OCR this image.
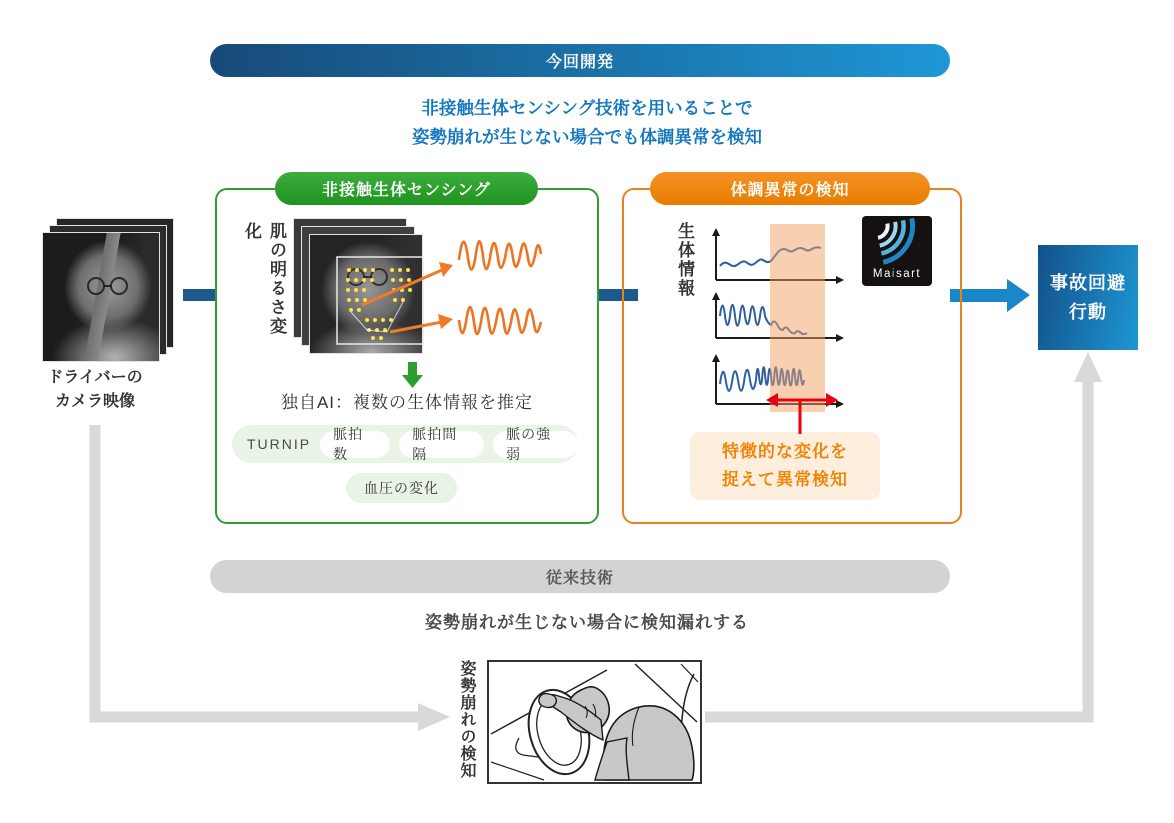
今回開発
非接触生体センシング技術を用いることで
姿勢崩れが生じない場合でも体調異常を検知
ドライバーの
カメラ映像
非接触生体センシング
肌の明るさ変化
独自AI：複数の生体情報を推定
TURNIP
脈拍数
脈拍間隔
脈の強弱
血圧の変化
体調異常の検知
生体情報
特徴的な変化を
捉えて異常検知
Maisart	事故回避
行動
従来技術
姿勢崩れが生じない場合に検知漏れする
姿勢崩れの検知
